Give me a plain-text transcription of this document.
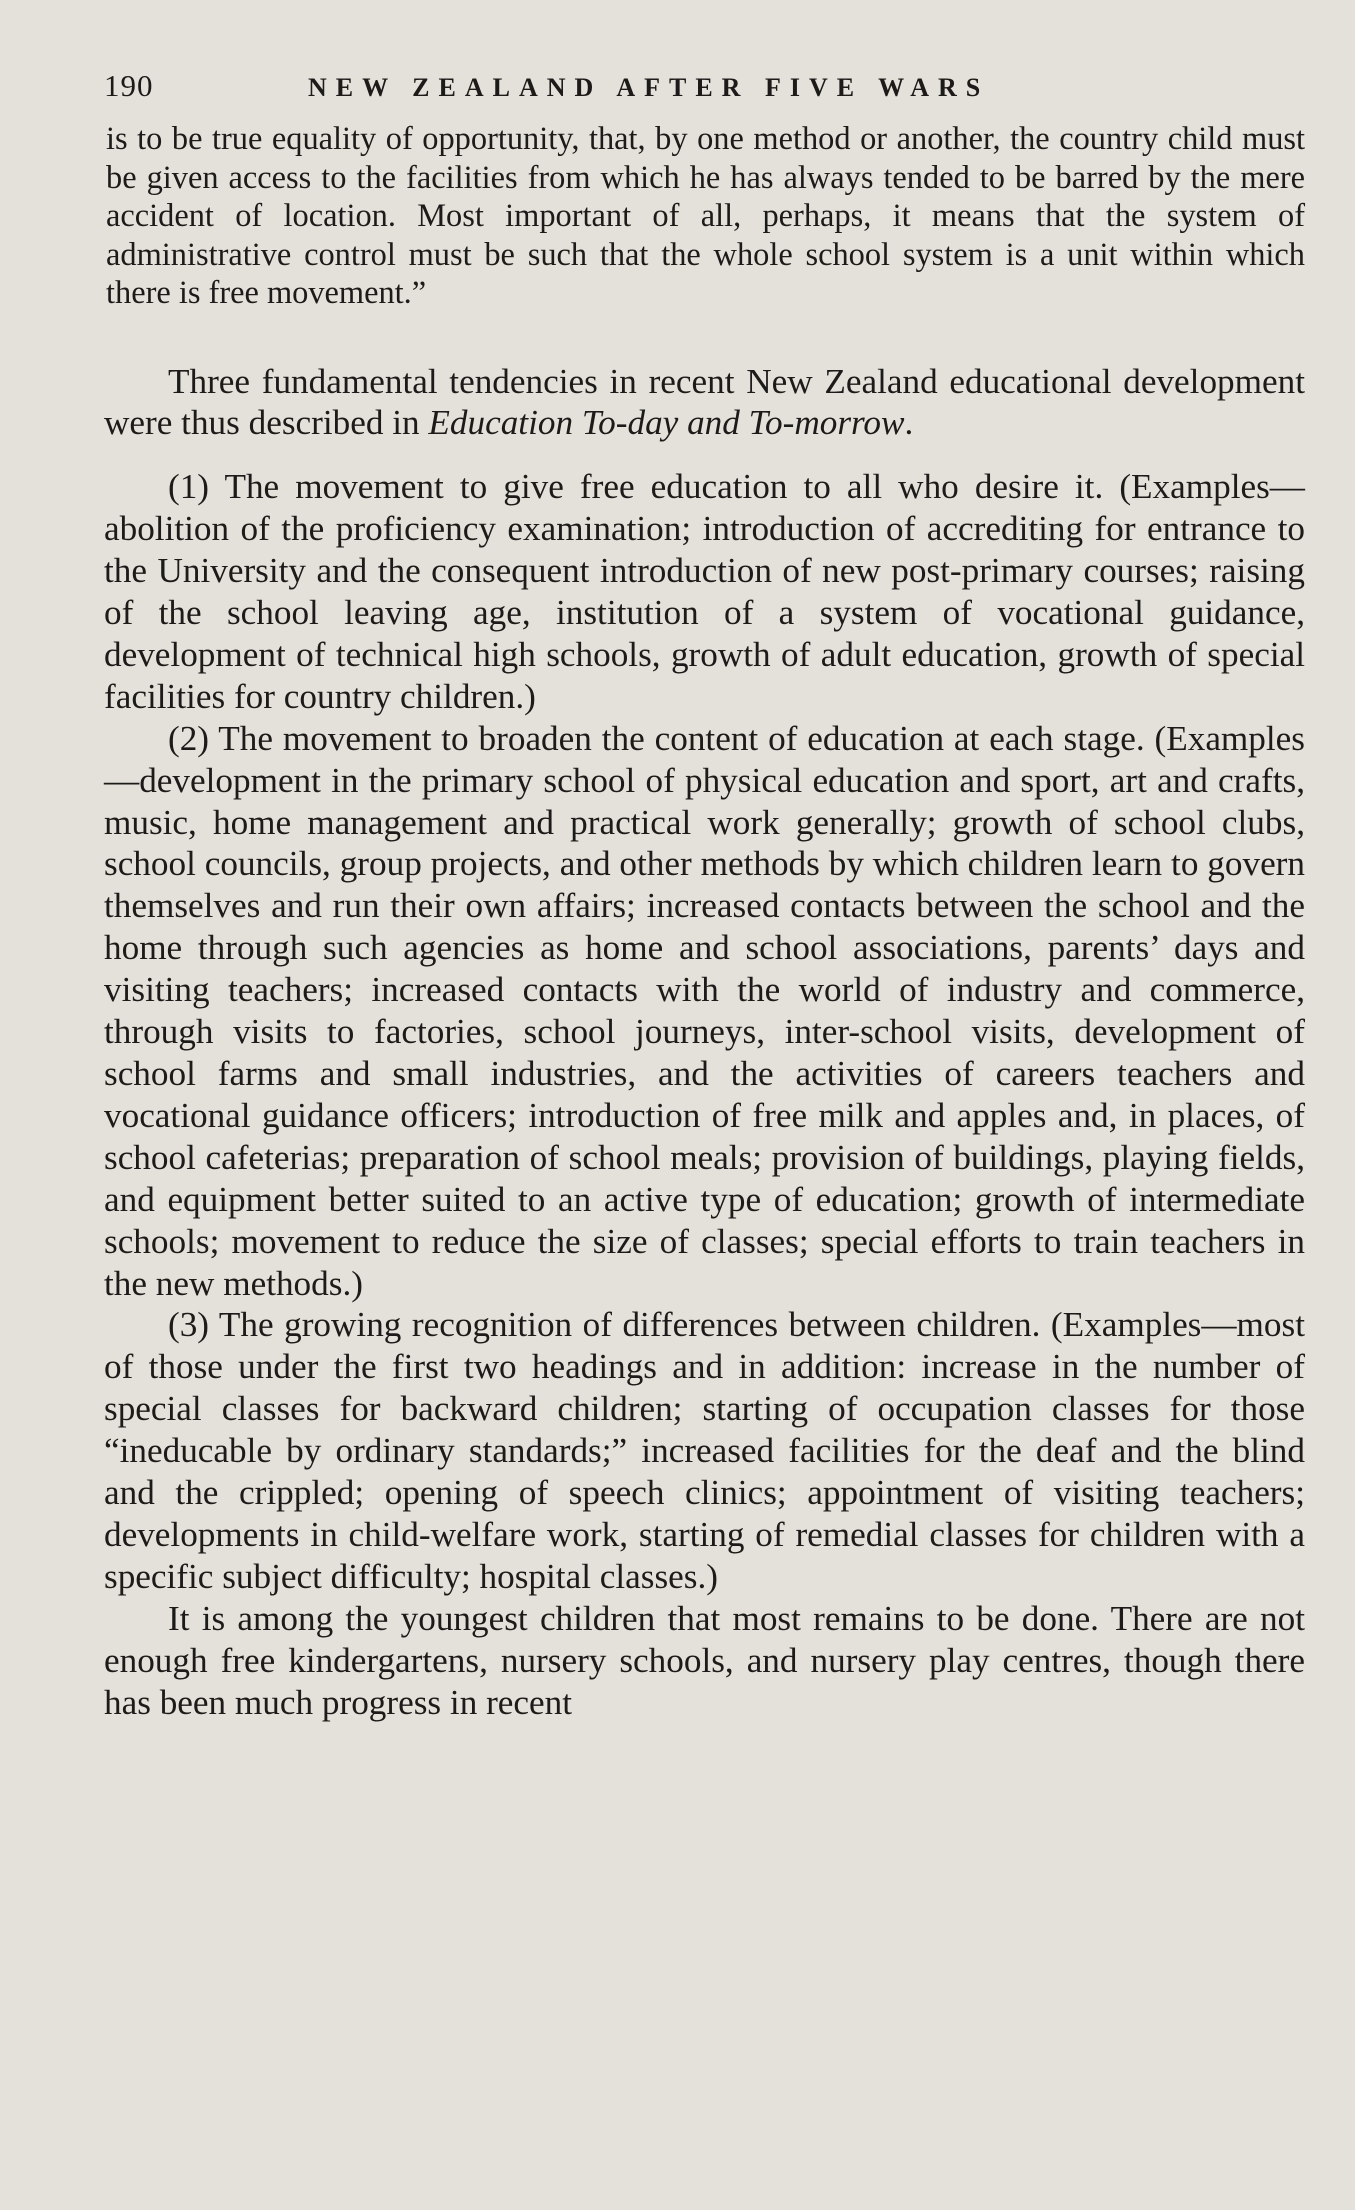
190	NEW ZEALAND AFTER FIVE WARS

is to be true equality of opportunity, that, by one method or another, the country child must be given access to the facilities from which he has always tended to be barred by the mere accident of location. Most important of all, perhaps, it means that the system of administrative control must be such that the whole school system is a unit within which there is free movement.”

Three fundamental tendencies in recent New Zealand educational development were thus described in Education To-day and To-morrow.

(1) The movement to give free education to all who desire it. (Examples—abolition of the proficiency examination; introduction of accrediting for entrance to the University and the consequent introduction of new post-primary courses; raising of the school leaving age, institution of a system of vocational guidance, development of technical high schools, growth of adult education, growth of special facilities for country children.)

(2) The movement to broaden the content of education at each stage. (Examples—development in the primary school of physical education and sport, art and crafts, music, home management and practical work generally; growth of school clubs, school councils, group projects, and other methods by which children learn to govern themselves and run their own affairs; increased contacts between the school and the home through such agencies as home and school associations, parents’ days and visiting teachers; increased contacts with the world of industry and commerce, through visits to factories, school journeys, inter-school visits, development of school farms and small industries, and the activities of careers teachers and vocational guidance officers; introduction of free milk and apples and, in places, of school cafeterias; preparation of school meals; provision of buildings, playing fields, and equipment better suited to an active type of education; growth of intermediate schools; movement to reduce the size of classes; special efforts to train teachers in the new methods.)

(3) The growing recognition of differences between children. (Examples—most of those under the first two headings and in addition: increase in the number of special classes for backward children; starting of occupation classes for those “ineducable by ordinary standards;” increased facilities for the deaf and the blind and the crippled; opening of speech clinics; appointment of visiting teachers; developments in child-welfare work, starting of remedial classes for children with a specific subject difficulty; hospital classes.)

It is among the youngest children that most remains to be done. There are not enough free kindergartens, nursery schools, and nursery play centres, though there has been much progress in recent
